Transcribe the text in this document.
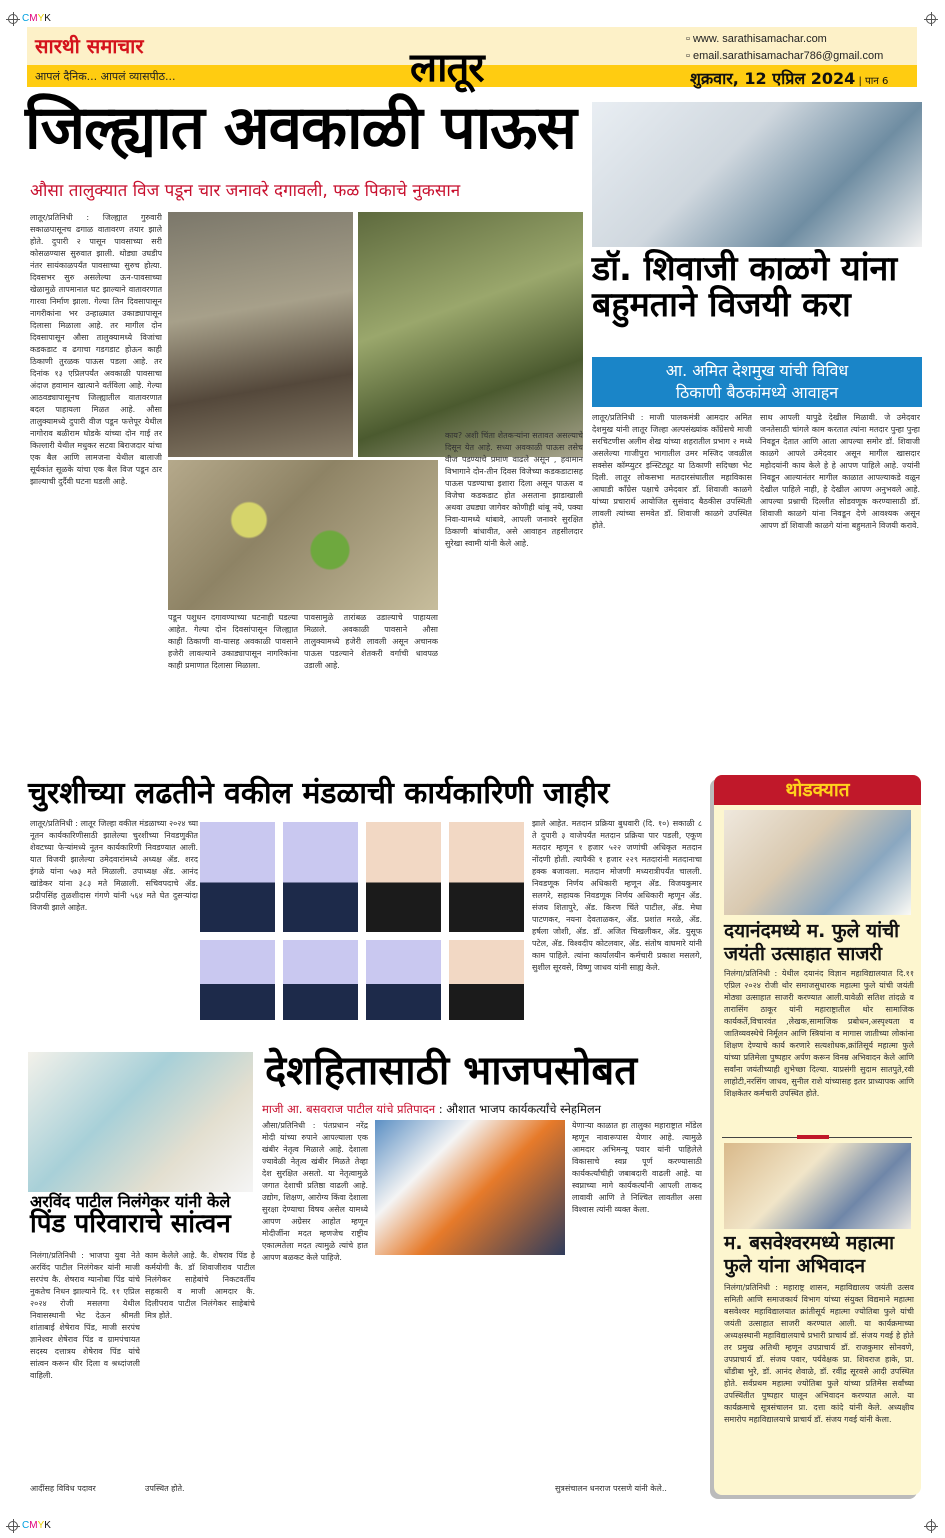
CMYK
CMYK
सारथी समाचार
आपलं दैनिक... आपलं व्यासपीठ...	लातूर
▫ www. sarathisamachar.com
▫ email.sarathisamachar786@gmail.com
शुक्रवार, 12 एप्रिल 2024 | पान 6
जिल्ह्यात अवकाळी पाऊस
औसा तालुक्यात विज पडून चार जनावरे दगावली, फळ पिकाचे नुकसान
लातूर/प्रतिनिधी : जिल्ह्यात गुरुवारी सकाळपासूनच ढगाळ वातावरण तयार झाले होते. दुपारी २ पासून पावसाच्या सरी कोसळण्यास सुरुवात झाली. थोड्या उघडीप नंतर सायंकाळपर्यंत पावसाच्या सुरुच होत्या. दिवसभर सुरु असलेल्या ऊन-पावसाच्या खेळामुळे तापमानात घट झाल्याने वातावरणात गारवा निर्माण झाला. गेल्या तिन दिवसापासून नागरीकांना भर उन्हाळ्यात उकाड्यापासून दिलासा मिळाला आहे. तर मागील दोन दिवसापासून औसा तालुक्यामध्ये विजांचा कडकडाट व ढगाचा गडगडाट होऊन काही ठिकाणी तुरळक पाऊस पडला आहे. तर दिनांक १३ एप्रिलपर्यंत अवकाळी पावसाचा अंदाज हवामान खात्याने वर्तविला आहे. गेल्या आठवड्यापासूनच जिल्ह्यातील वातावरणात बदल पाहायला मिळत आहे. औसा तालुक्यामध्ये दुपारी वीज पडून फत्तेपूर येथील नागोराव बळीराम घोडके यांच्या दोन गाई तर किल्लारी येथील मधुकर सटवा बिराजदार यांचा एक बैल आणि लामजना येथील बालाजी सूर्यकांत सूळके यांचा एक बैल विज पडून ठार झाल्याची दुर्दैवी घटना घडली आहे.
पडून पशुधन दगावण्याच्या घटनाही घडल्या आहेत. गेल्या दोन दिवसांपासून जिल्ह्यात काही ठिकाणी वा-यासह अवकाळी पावसाने हजेरी लावल्याने उकाड्यापासून नागरिकांना काही प्रमाणात दिलासा मिळाला.
पावसामुळे तारांबळ उडाल्याचे पाहायला मिळाले. अवकाळी पावसाने औसा तालुक्यामध्ये हजेरी लावली असून अचानक पाऊस पडल्याने शेतकरी वर्गाची धावपळ उडाली आहे.
काय? अशी चिंता शेतकऱ्यांना सतावत असल्याचे दिसून येत आहे. सध्या अवकाळी पाऊस तसेच वीज पडण्याचे प्रमाण वाढले असून , हवामान विभागाने दोन-तीन दिवस विजेच्या कडकडाटासह पाऊस पडण्याचा इशारा दिला असून पाऊस व विजेचा कडकडाट होत असताना झाडाखाली अथवा उघड्या जागेवर कोणीही थांबू नये, पक्या निवा-यामध्ये थांबावे, आपली जनावरे सुरक्षित ठिकाणी बांधावीत, असे आवाहन तहसीलदार सुरेखा स्वामी यांनी केले आहे.
डॉ. शिवाजी काळगे यांना
बहुमताने विजयी करा
आ. अमित देशमुख यांची विविध
ठिकाणी बैठकांमध्ये आवाहन
लातूर/प्रतिनिधी : माजी पालकमंत्री आमदार अमित देशमुख यांनी लातूर जिल्हा अल्पसंख्यांक काँग्रेसचे माजी सरचिटणीस अलीम शेख यांच्या शहरातील प्रभाग २ मध्ये असलेल्या गाजीपुरा भागातील उमर मस्जिद जवळील सक्सेस कॉम्प्युटर इन्स्टिट्यूट या ठिकाणी सदिच्छा भेट दिली. लातूर लोकसभा मतदारसंघातील महाविकास आघाडी काँग्रेस पक्षाचे उमेदवार डॉ. शिवाजी काळगे यांच्या प्रचारार्थ आयोजित सुसंवाद बैठकीस उपस्थिती लावली त्यांच्या समवेत डॉ. शिवाजी काळगे उपस्थित होते.
साथ आपली यापुढे देखील मिळावी. जे उमेदवार जनतेसाठी चांगले काम करतात त्यांना मतदार पुन्हा पुन्हा निवडून देतात आणि आता आपल्या समोर डॉ. शिवाजी काळगे आपले उमेदवार असून मागील खासदार महोदयांनी काय केले हे हे आपण पाहिले आहे. ज्यांनी निवडून आल्यानंतर मागील काळात आपल्याकडे वळून देखील पाहिले नाही, हे देखील आपण अनुभवले आहे. आपल्या प्रश्नाची दिल्लीत सोडवणूक करण्यासाठी डॉ. शिवाजी काळगे यांना निवडून देणे आवश्यक असून आपण डॉ शिवाजी काळगे यांना बहुमताने विजयी करावे.
चुरशीच्या लढतीने वकील मंडळाची कार्यकारिणी जाहीर
लातूर/प्रतिनिधी : लातूर जिल्हा वकील मंडळाच्या २०२४ च्या नूतन कार्यकारिणीसाठी झालेल्या चुरशीच्या निवडणुकीत शेवटच्या फेऱ्यांमध्ये नूतन कार्यकारिणी निवडण्यात आली. यात विजयी झालेल्या उमेदवारांमध्ये अध्यक्ष ॲड. शरद इंगळे यांना ५७३ मते मिळाली. उपाध्यक्ष ॲड. आनंद खांडेकर यांना ३८३ मते मिळाली. सचिवपदाचे ॲड. प्रदीपसिंह तुळशीदास गंगणे यांनी ५६४ मते घेत दुसऱ्यांदा विजयी झाले आहेत.
झाले आहेत. मतदान प्रक्रिया बुधवारी (दि. १०) सकाळी ८ ते दुपारी ३ वाजेपर्यंत मतदान प्रक्रिया पार पडली, एकूण मतदार म्हणून १ हजार ५२२ जणांची अधिकृत मतदान नोंदणी होती. त्यापैकी १ हजार २२९ मतदारांनी मतदानाचा हक्क बजावला. मतदान मोजणी मध्यरात्रीपर्यंत चालली. निवडणूक निर्णय अधिकारी म्हणून ॲड. विजयकुमार सलगरे, सहायक निवडणूक निर्णय अधिकारी म्हणून ॲड. संजय शितापुरे, ॲड. किरण चिंते पाटील, ॲड. मेघा पाटणकर, नयना देवताळकर, ॲड. प्रशांत मरळे, ॲड. हर्षला जोशी, ॲड. डॉ. अजित चिखलीकर, ॲड. युसूफ पटेल, ॲड. विश्वदीप कोटलवार, ॲड. संतोष वाघमारे यांनी काम पाहिले. त्यांना कार्यालयीन कर्मचारी प्रकाश मसलगे, सुशील सूरवसे, विष्णु जाधव यांनी साह्य केले.
अरविंद पाटील निलंगेकर यांनी केले
पिंड परिवाराचे सांत्वन
निलंगा/प्रतिनिधी : भाजपा युवा नेते अरविंद पाटील निलंगेकर यांनी माजी सरपंच कै. शेषराव ग्यानोबा पिंड यांचे नुकतेच निधन झाल्याने दि. ११ एप्रिल २०२४ रोजी मसलगा येथील निवासस्थानी भेट देऊन श्रीमती शांताबाई शेषेराव पिंड, माजी सरपंच ज्ञानेश्वर शेषेराव पिंड व ग्रामपंचायत सदस्य दत्तात्रय शेषेराव पिंड यांचे सांत्वन करून धीर दिला व श्रध्दांजली वाहिली.
काम केलेले आहे. कै. शेषराव पिंड हे कर्मयोगी कै. डॉ शिवाजीराव पाटील निलंगेकर साहेबांचे निकटवर्तीय सहकारी व माजी आमदार कै. दिलीपराव पाटील निलंगेकर साहेबांचे मित्र होते.
आदींसह विविध पदावर	उपस्थित होते.
देशहितासाठी भाजपसोबत
माजी आ. बसवराज पाटील यांचे प्रतिपादन : औशात भाजप कार्यकर्त्यांचे स्नेहमिलन
औसा/प्रतिनिधी : पंतप्रधान नरेंद्र मोदी यांच्या रुपाने आपल्याला एक खंबीर नेतृत्व मिळाले आहे. देशाला ज्यावेळी नेतृत्व खंबीर मिळते तेव्हा देश सुरक्षित असतो. या नेतृत्वामुळे जगात देशाची प्रतिष्ठा वाढली आहे. उद्योग, शिक्षण, आरोग्य किंवा देशाला सुरक्षा देण्याचा विषय असेल यामध्ये आपण अग्रेसर आहोत म्हणून मोदीजींना मदत म्हणजेच राष्ट्रीय एकात्मतेला मदत त्यामुळे त्यांचे हात आपण बळकट केले पाहिजे.
येणाऱ्या काळात हा तालुका महाराष्ट्रात मॉडेल म्हणून नावारूपास येणार आहे. त्यामुळे आमदार अभिमन्यू पवार यांनी पाहिलेले विकासाचे स्वप्न पूर्ण करण्यासाठी कार्यकर्त्यांचीही जबाबदारी वाढली आहे. या स्वप्नाच्या मागे कार्यकर्त्यांनी आपली ताकद लावावी आणि ते निश्चित लावतील असा विश्वास त्यांनी व्यक्त केला.
सुत्रसंचालन धनराज परसणे यांनी केले..
थोडक्यात
दयानंदमध्ये म. फुले यांची
जयंती उत्साहात साजरी
निलंगा/प्रतिनिधी : येथील दयानंद विज्ञान महाविद्यालयात दि.११ एप्रिल २०२४ रोजी थोर समाजसुधारक महात्मा फुले यांची जयंती मोठ्या उत्साहात साजरी करण्यात आली.यावेळी सतिश तांदळे व तारासिंग ठाकूर यांनी महाराष्ट्रातील थोर सामाजिक कार्यकर्ते,विचारवंत ,लेखक,सामाजिक प्रबोधन,अस्पृश्यता व जातिव्यवस्थेचे निर्मूलन आणि स्त्रियांना व मागास जातीच्या लोकांना शिक्षण देण्याचे कार्य करणारे सत्यशोधक,क्रांतिसूर्य महात्मा फुले यांच्या प्रतिमेला पुष्पहार अर्पण करून विनम्र अभिवादन केले आणि सर्वांना जयंतीच्याही शुभेच्छा दिल्या. याप्रसंगी सुदाम सातपुते,रवी लाहोटी,नरसिंग जाधव, सुनील राशे यांच्यासह इतर प्राध्यापक आणि शिक्षकेतर कर्मचारी उपस्थित होते.
म. बसवेश्वरमध्ये महात्मा
फुले यांना अभिवादन
निलंगा/प्रतिनिधी : महाराष्ट्र शासन, महाविद्यालय जयंती उत्सव समिती आणि समाजकार्य विभाग यांच्या संयुक्त विद्यमाने महात्मा बसवेश्वर महाविद्यालयात क्रांतीसूर्य महात्मा ज्योतिबा फुले यांची जयंती उत्साहात साजरी करण्यात आली. या कार्यक्रमाच्या अध्यक्षस्थानी महाविद्यालयाचे प्रभारी प्राचार्य डॉ. संजय गवई हे होते तर प्रमुख अतिथी म्हणून उपप्राचार्य डॉ. राजकुमार सोनवणे, उपप्राचार्य डॉ. संजय पवार, पर्यवेक्षक प्रा. शिवराज हाके, प्रा. धोंडीबा भुरे, डॉ. आनंद शेवाळे, डॉ. रवींद्र सूरवसे आदी उपस्थित होते. सर्वप्रथम महात्मा ज्योतिबा फुले यांच्या प्रतिमेस सर्वांच्या उपस्थितीत पुष्पहार घालून अभिवादन करण्यात आले. या कार्यक्रमाचे सूत्रसंचालन प्रा. दत्ता कांदे यांनी केले. अध्यक्षीय समारोप महाविद्यालयाचे प्राचार्य डॉ. संजय गवई यांनी केला.
